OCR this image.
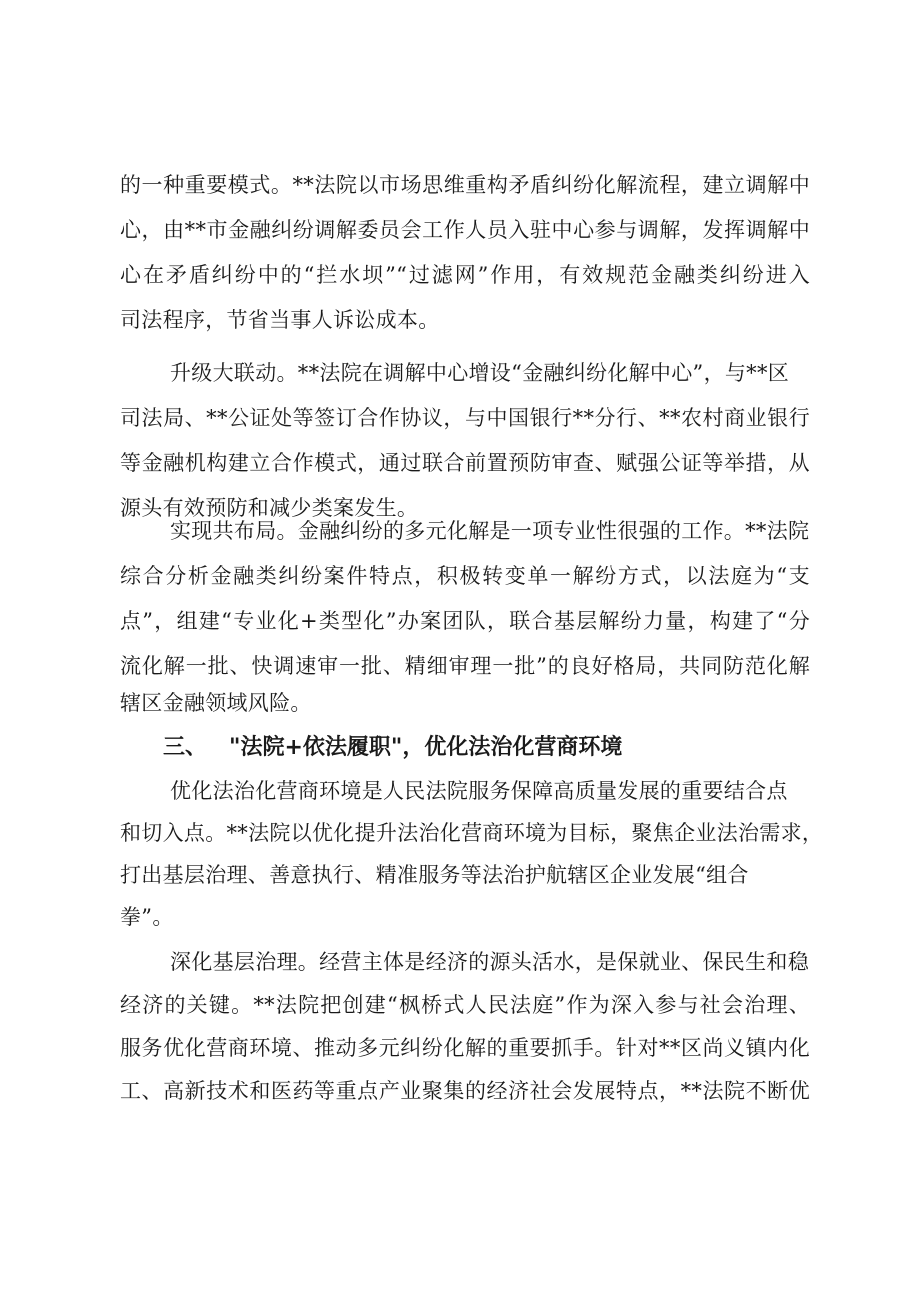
的一种重要模式。**法院以市场思维重构矛盾纠纷化解流程，建立调解中
心，由**市金融纠纷调解委员会工作人员入驻中心参与调解，发挥调解中
心在矛盾纠纷中的“拦水坝”“过滤网”作用，有效规范金融类纠纷进入
司法程序，节省当事人诉讼成本。
升级大联动。**法院在调解中心增设“金融纠纷化解中心”，与**区
司法局、**公证处等签订合作协议，与中国银行**分行、**农村商业银行
等金融机构建立合作模式，通过联合前置预防审查、赋强公证等举措，从
源头有效预防和减少类案发生。
实现共布局。金融纠纷的多元化解是一项专业性很强的工作。**法院
综合分析金融类纠纷案件特点，积极转变单一解纷方式，以法庭为“支
点”，组建“专业化+类型化”办案团队，联合基层解纷力量，构建了“分
流化解一批、快调速审一批、精细审理一批”的良好格局，共同防范化解
辖区金融领域风险。
三、 "法院+依法履职"，优化法治化营商环境
优化法治化营商环境是人民法院服务保障高质量发展的重要结合点
和切入点。**法院以优化提升法治化营商环境为目标，聚焦企业法治需求，
打出基层治理、善意执行、精准服务等法治护航辖区企业发展“组合
拳”。
深化基层治理。经营主体是经济的源头活水，是保就业、保民生和稳
经济的关键。**法院把创建“枫桥式人民法庭”作为深入参与社会治理、
服务优化营商环境、推动多元纠纷化解的重要抓手。针对**区尚义镇内化
工、高新技术和医药等重点产业聚集的经济社会发展特点，**法院不断优
